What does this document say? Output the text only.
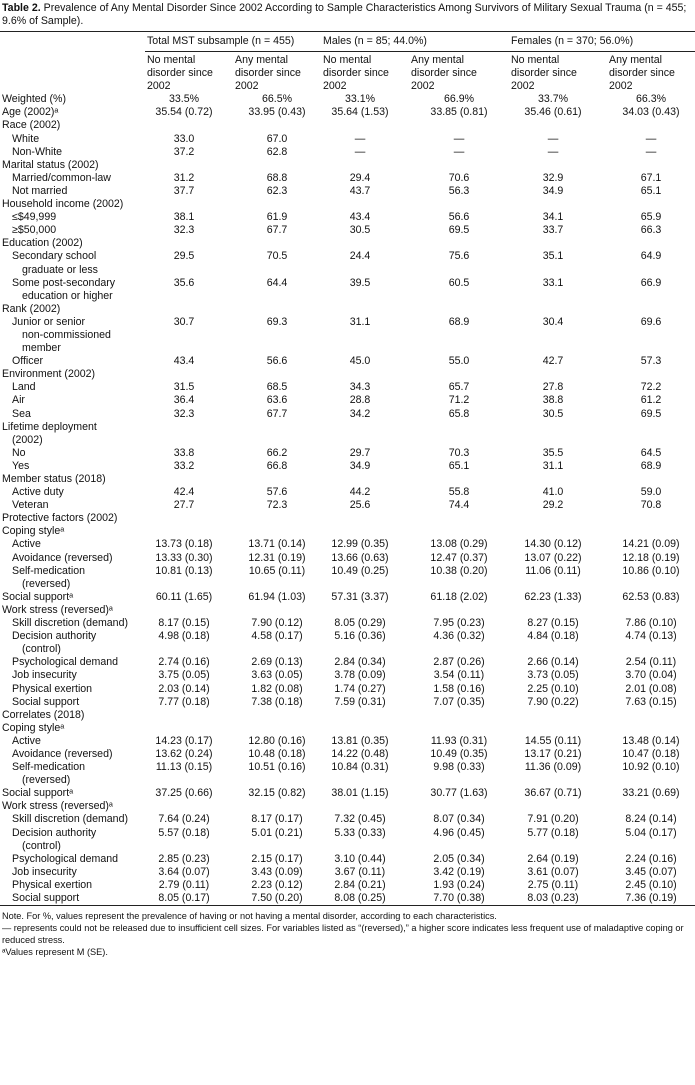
Table 2. Prevalence of Any Mental Disorder Since 2002 According to Sample Characteristics Among Survivors of Military Sexual Trauma (n = 455; 9.6% of Sample).

	Total MST subsample (n = 455)		Males (n = 85; 44.0%)		Females (n = 370; 56.0%)	

	No mental
disorder since
2002	Any mental
disorder since
2002	No mental
disorder since
2002	Any mental
disorder since
2002	No mental
disorder since
2002	Any mental
disorder since
2002

Weighted (%)	33.5%	66.5%	33.1%	66.9%	33.7%	66.3%

Age (2002)ᵃ	35.54 (0.72)	33.95 (0.43)	35.64 (1.53)	33.85 (0.81)	35.46 (0.61)	34.03 (0.43)

Race (2002)						

White	33.0	67.0	—	—	—	—

Non-White	37.2	62.8	—	—	—	—

Marital status (2002)						

Married/common-law	31.2	68.8	29.4	70.6	32.9	67.1

Not married	37.7	62.3	43.7	56.3	34.9	65.1

Household income (2002)						

≤$49,999	38.1	61.9	43.4	56.6	34.1	65.9

≥$50,000	32.3	67.7	30.5	69.5	33.7	66.3

Education (2002)						

Secondary school
graduate or less	29.5	70.5	24.4	75.6	35.1	64.9

Some post-secondary
education or higher	35.6	64.4	39.5	60.5	33.1	66.9

Rank (2002)						

Junior or senior
non-commissioned
member	30.7	69.3	31.1	68.9	30.4	69.6

Officer	43.4	56.6	45.0	55.0	42.7	57.3

Environment (2002)						

Land	31.5	68.5	34.3	65.7	27.8	72.2

Air	36.4	63.6	28.8	71.2	38.8	61.2

Sea	32.3	67.7	34.2	65.8	30.5	69.5

Lifetime deployment
(2002)						

No	33.8	66.2	29.7	70.3	35.5	64.5

Yes	33.2	66.8	34.9	65.1	31.1	68.9

Member status (2018)						

Active duty	42.4	57.6	44.2	55.8	41.0	59.0

Veteran	27.7	72.3	25.6	74.4	29.2	70.8

Protective factors (2002)						

Coping styleᵃ						

Active	13.73 (0.18)	13.71 (0.14)	12.99 (0.35)	13.08 (0.29)	14.30 (0.12)	14.21 (0.09)

Avoidance (reversed)	13.33 (0.30)	12.31 (0.19)	13.66 (0.63)	12.47 (0.37)	13.07 (0.22)	12.18 (0.19)

Self-medication
(reversed)	10.81 (0.13)	10.65 (0.11)	10.49 (0.25)	10.38 (0.20)	11.06 (0.11)	10.86 (0.10)

Social supportᵃ	60.11 (1.65)	61.94 (1.03)	57.31 (3.37)	61.18 (2.02)	62.23 (1.33)	62.53 (0.83)

Work stress (reversed)ᵃ						

Skill discretion (demand)	8.17 (0.15)	7.90 (0.12)	8.05 (0.29)	7.95 (0.23)	8.27 (0.15)	7.86 (0.10)

Decision authority
(control)	4.98 (0.18)	4.58 (0.17)	5.16 (0.36)	4.36 (0.32)	4.84 (0.18)	4.74 (0.13)

Psychological demand	2.74 (0.16)	2.69 (0.13)	2.84 (0.34)	2.87 (0.26)	2.66 (0.14)	2.54 (0.11)

Job insecurity	3.75 (0.05)	3.63 (0.05)	3.78 (0.09)	3.54 (0.11)	3.73 (0.05)	3.70 (0.04)

Physical exertion	2.03 (0.14)	1.82 (0.08)	1.74 (0.27)	1.58 (0.16)	2.25 (0.10)	2.01 (0.08)

Social support	7.77 (0.18)	7.38 (0.18)	7.59 (0.31)	7.07 (0.35)	7.90 (0.22)	7.63 (0.15)

Correlates (2018)						

Coping styleᵃ						

Active	14.23 (0.17)	12.80 (0.16)	13.81 (0.35)	11.93 (0.31)	14.55 (0.11)	13.48 (0.14)

Avoidance (reversed)	13.62 (0.24)	10.48 (0.18)	14.22 (0.48)	10.49 (0.35)	13.17 (0.21)	10.47 (0.18)

Self-medication
(reversed)	11.13 (0.15)	10.51 (0.16)	10.84 (0.31)	9.98 (0.33)	11.36 (0.09)	10.92 (0.10)

Social supportᵃ	37.25 (0.66)	32.15 (0.82)	38.01 (1.15)	30.77 (1.63)	36.67 (0.71)	33.21 (0.69)

Work stress (reversed)ᵃ						

Skill discretion (demand)	7.64 (0.24)	8.17 (0.17)	7.32 (0.45)	8.07 (0.34)	7.91 (0.20)	8.24 (0.14)

Decision authority
(control)	5.57 (0.18)	5.01 (0.21)	5.33 (0.33)	4.96 (0.45)	5.77 (0.18)	5.04 (0.17)

Psychological demand	2.85 (0.23)	2.15 (0.17)	3.10 (0.44)	2.05 (0.34)	2.64 (0.19)	2.24 (0.16)

Job insecurity	3.64 (0.07)	3.43 (0.09)	3.67 (0.11)	3.42 (0.19)	3.61 (0.07)	3.45 (0.07)

Physical exertion	2.79 (0.11)	2.23 (0.12)	2.84 (0.21)	1.93 (0.24)	2.75 (0.11)	2.45 (0.10)

Social support	8.05 (0.17)	7.50 (0.20)	8.08 (0.25)	7.70 (0.38)	8.03 (0.23)	7.36 (0.19)
Note. For %, values represent the prevalence of having or not having a mental disorder, according to each characteristics.
— represents could not be released due to insufficient cell sizes. For variables listed as “(reversed),” a higher score indicates less frequent use of maladaptive coping or reduced stress.
ᵃValues represent M (SE).
